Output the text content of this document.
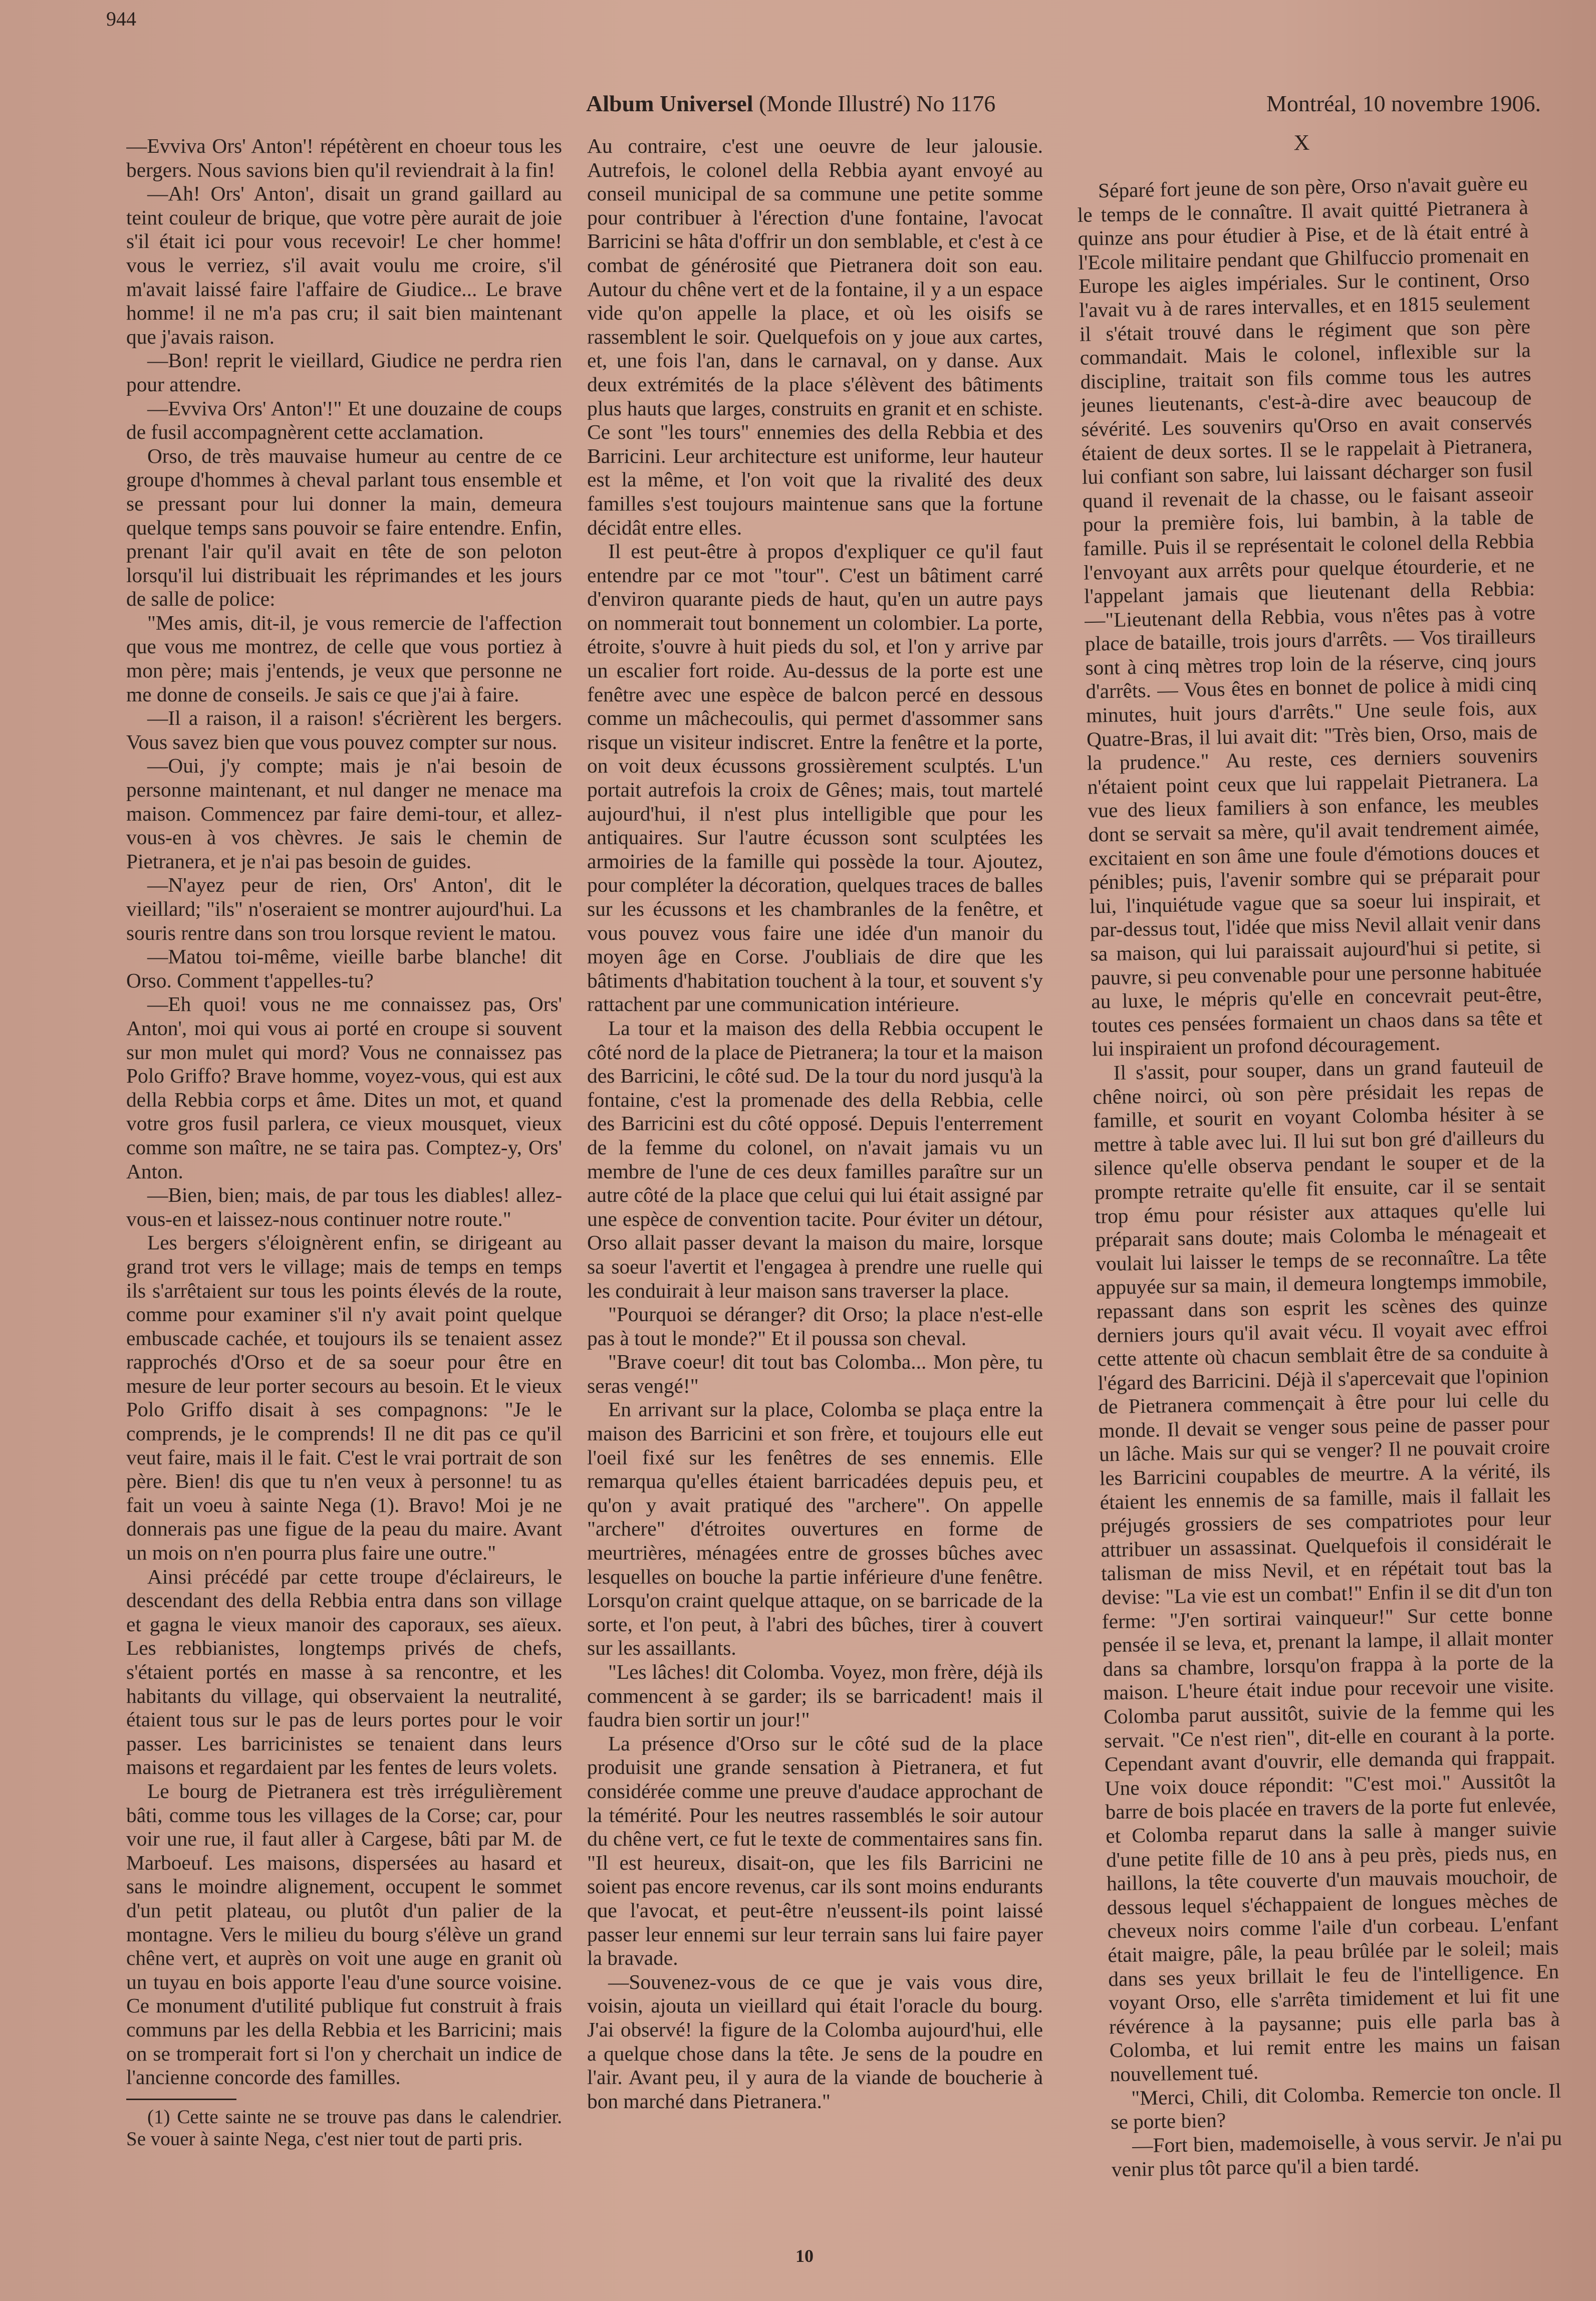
944
Album Universel (Monde Illustré) No 1176	Montréal, 10 novembre 1906.

—Evviva Ors' Anton'! répétèrent en choeur tous les bergers. Nous savions bien qu'il reviendrait à la fin!

—Ah! Ors' Anton', disait un grand gaillard au teint couleur de brique, que votre père aurait de joie s'il était ici pour vous recevoir! Le cher homme! vous le verriez, s'il avait voulu me croire, s'il m'avait laissé faire l'affaire de Giudice... Le brave homme! il ne m'a pas cru; il sait bien maintenant que j'avais raison.

—Bon! reprit le vieillard, Giudice ne perdra rien pour attendre.

—Evviva Ors' Anton'!" Et une douzaine de coups de fusil accompagnèrent cette acclamation.

Orso, de très mauvaise humeur au centre de ce groupe d'hommes à cheval parlant tous ensemble et se pressant pour lui donner la main, demeura quelque temps sans pouvoir se faire entendre. Enfin, prenant l'air qu'il avait en tête de son peloton lorsqu'il lui distribuait les réprimandes et les jours de salle de police:

"Mes amis, dit-il, je vous remercie de l'affection que vous me montrez, de celle que vous portiez à mon père; mais j'entends, je veux que personne ne me donne de conseils. Je sais ce que j'ai à faire.

—Il a raison, il a raison! s'écrièrent les bergers. Vous savez bien que vous pouvez compter sur nous.

—Oui, j'y compte; mais je n'ai besoin de personne maintenant, et nul danger ne menace ma maison. Commencez par faire demi-tour, et allez-vous-en à vos chèvres. Je sais le chemin de Pietranera, et je n'ai pas besoin de guides.

—N'ayez peur de rien, Ors' Anton', dit le vieillard; "ils" n'oseraient se montrer aujourd'hui. La souris rentre dans son trou lorsque revient le matou.

—Matou toi-même, vieille barbe blanche! dit Orso. Comment t'appelles-tu?

—Eh quoi! vous ne me connaissez pas, Ors' Anton', moi qui vous ai porté en croupe si souvent sur mon mulet qui mord? Vous ne connaissez pas Polo Griffo? Brave homme, voyez-vous, qui est aux della Rebbia corps et âme. Dites un mot, et quand votre gros fusil parlera, ce vieux mousquet, vieux comme son maître, ne se taira pas. Comptez-y, Ors' Anton.

—Bien, bien; mais, de par tous les diables! allez-vous-en et laissez-nous continuer notre route."

Les bergers s'éloignèrent enfin, se dirigeant au grand trot vers le village; mais de temps en temps ils s'arrêtaient sur tous les points élevés de la route, comme pour examiner s'il n'y avait point quelque embuscade cachée, et toujours ils se tenaient assez rapprochés d'Orso et de sa soeur pour être en mesure de leur porter secours au besoin. Et le vieux Polo Griffo disait à ses compagnons: "Je le comprends, je le comprends! Il ne dit pas ce qu'il veut faire, mais il le fait. C'est le vrai portrait de son père. Bien! dis que tu n'en veux à personne! tu as fait un voeu à sainte Nega (1). Bravo! Moi je ne donnerais pas une figue de la peau du maire. Avant un mois on n'en pourra plus faire une outre."

Ainsi précédé par cette troupe d'éclaireurs, le descendant des della Rebbia entra dans son village et gagna le vieux manoir des caporaux, ses aïeux. Les rebbianistes, longtemps privés de chefs, s'étaient portés en masse à sa rencontre, et les habitants du village, qui observaient la neutralité, étaient tous sur le pas de leurs portes pour le voir passer. Les barricinistes se tenaient dans leurs maisons et regardaient par les fentes de leurs volets.

Le bourg de Pietranera est très irrégulièrement bâti, comme tous les villages de la Corse; car, pour voir une rue, il faut aller à Cargese, bâti par M. de Marboeuf. Les maisons, dispersées au hasard et sans le moindre alignement, occupent le sommet d'un petit plateau, ou plutôt d'un palier de la montagne. Vers le milieu du bourg s'élève un grand chêne vert, et auprès on voit une auge en granit où un tuyau en bois apporte l'eau d'une source voisine. Ce monument d'utilité publique fut construit à frais communs par les della Rebbia et les Barricini; mais on se tromperait fort si l'on y cherchait un indice de l'ancienne concorde des familles.

(1) Cette sainte ne se trouve pas dans le calendrier. Se vouer à sainte Nega, c'est nier tout de parti pris.

Au contraire, c'est une oeuvre de leur jalousie. Autrefois, le colonel della Rebbia ayant envoyé au conseil municipal de sa commune une petite somme pour contribuer à l'érection d'une fontaine, l'avocat Barricini se hâta d'offrir un don semblable, et c'est à ce combat de générosité que Pietranera doit son eau. Autour du chêne vert et de la fontaine, il y a un espace vide qu'on appelle la place, et où les oisifs se rassemblent le soir. Quelquefois on y joue aux cartes, et, une fois l'an, dans le carnaval, on y danse. Aux deux extrémités de la place s'élèvent des bâtiments plus hauts que larges, construits en granit et en schiste. Ce sont "les tours" ennemies des della Rebbia et des Barricini. Leur architecture est uniforme, leur hauteur est la même, et l'on voit que la rivalité des deux familles s'est toujours maintenue sans que la fortune décidât entre elles.

Il est peut-être à propos d'expliquer ce qu'il faut entendre par ce mot "tour". C'est un bâtiment carré d'environ quarante pieds de haut, qu'en un autre pays on nommerait tout bonnement un colombier. La porte, étroite, s'ouvre à huit pieds du sol, et l'on y arrive par un escalier fort roide. Au-dessus de la porte est une fenêtre avec une espèce de balcon percé en dessous comme un mâchecoulis, qui permet d'assommer sans risque un visiteur indiscret. Entre la fenêtre et la porte, on voit deux écussons grossièrement sculptés. L'un portait autrefois la croix de Gênes; mais, tout martelé aujourd'hui, il n'est plus intelligible que pour les antiquaires. Sur l'autre écusson sont sculptées les armoiries de la famille qui possède la tour. Ajoutez, pour compléter la décoration, quelques traces de balles sur les écussons et les chambranles de la fenêtre, et vous pouvez vous faire une idée d'un manoir du moyen âge en Corse. J'oubliais de dire que les bâtiments d'habitation touchent à la tour, et souvent s'y rattachent par une communication intérieure.

La tour et la maison des della Rebbia occupent le côté nord de la place de Pietranera; la tour et la maison des Barricini, le côté sud. De la tour du nord jusqu'à la fontaine, c'est la promenade des della Rebbia, celle des Barricini est du côté opposé. Depuis l'enterrement de la femme du colonel, on n'avait jamais vu un membre de l'une de ces deux familles paraître sur un autre côté de la place que celui qui lui était assigné par une espèce de convention tacite. Pour éviter un détour, Orso allait passer devant la maison du maire, lorsque sa soeur l'avertit et l'engagea à prendre une ruelle qui les conduirait à leur maison sans traverser la place.

"Pourquoi se déranger? dit Orso; la place n'est-elle pas à tout le monde?" Et il poussa son cheval.

"Brave coeur! dit tout bas Colomba... Mon père, tu seras vengé!"

En arrivant sur la place, Colomba se plaça entre la maison des Barricini et son frère, et toujours elle eut l'oeil fixé sur les fenêtres de ses ennemis. Elle remarqua qu'elles étaient barricadées depuis peu, et qu'on y avait pratiqué des "archere". On appelle "archere" d'étroites ouvertures en forme de meurtrières, ménagées entre de grosses bûches avec lesquelles on bouche la partie inférieure d'une fenêtre. Lorsqu'on craint quelque attaque, on se barricade de la sorte, et l'on peut, à l'abri des bûches, tirer à couvert sur les assaillants.

"Les lâches! dit Colomba. Voyez, mon frère, déjà ils commencent à se garder; ils se barricadent! mais il faudra bien sortir un jour!"

La présence d'Orso sur le côté sud de la place produisit une grande sensation à Pietranera, et fut considérée comme une preuve d'audace approchant de la témérité. Pour les neutres rassemblés le soir autour du chêne vert, ce fut le texte de commentaires sans fin. "Il est heureux, disait-on, que les fils Barricini ne soient pas encore revenus, car ils sont moins endurants que l'avocat, et peut-être n'eussent-ils point laissé passer leur ennemi sur leur terrain sans lui faire payer la bravade.

—Souvenez-vous de ce que je vais vous dire, voisin, ajouta un vieillard qui était l'oracle du bourg. J'ai observé! la figure de la Colomba aujourd'hui, elle a quelque chose dans la tête. Je sens de la poudre en l'air. Avant peu, il y aura de la viande de boucherie à bon marché dans Pietranera."

X

Séparé fort jeune de son père, Orso n'avait guère eu le temps de le connaître. Il avait quitté Pietranera à quinze ans pour étudier à Pise, et de là était entré à l'Ecole militaire pendant que Ghilfuccio promenait en Europe les aigles impériales. Sur le continent, Orso l'avait vu à de rares intervalles, et en 1815 seulement il s'était trouvé dans le régiment que son père commandait. Mais le colonel, inflexible sur la discipline, traitait son fils comme tous les autres jeunes lieutenants, c'est-à-dire avec beaucoup de sévérité. Les souvenirs qu'Orso en avait conservés étaient de deux sortes. Il se le rappelait à Pietranera, lui confiant son sabre, lui laissant décharger son fusil quand il revenait de la chasse, ou le faisant asseoir pour la première fois, lui bambin, à la table de famille. Puis il se représentait le colonel della Rebbia l'envoyant aux arrêts pour quelque étourderie, et ne l'appelant jamais que lieutenant della Rebbia: —"Lieutenant della Rebbia, vous n'êtes pas à votre place de bataille, trois jours d'arrêts. — Vos tirailleurs sont à cinq mètres trop loin de la réserve, cinq jours d'arrêts. — Vous êtes en bonnet de police à midi cinq minutes, huit jours d'arrêts." Une seule fois, aux Quatre-Bras, il lui avait dit: "Très bien, Orso, mais de la prudence." Au reste, ces derniers souvenirs n'étaient point ceux que lui rappelait Pietranera. La vue des lieux familiers à son enfance, les meubles dont se servait sa mère, qu'il avait tendrement aimée, excitaient en son âme une foule d'émotions douces et pénibles; puis, l'avenir sombre qui se préparait pour lui, l'inquiétude vague que sa soeur lui inspirait, et par-dessus tout, l'idée que miss Nevil allait venir dans sa maison, qui lui paraissait aujourd'hui si petite, si pauvre, si peu convenable pour une personne habituée au luxe, le mépris qu'elle en concevrait peut-être, toutes ces pensées formaient un chaos dans sa tête et lui inspiraient un profond découragement.

Il s'assit, pour souper, dans un grand fauteuil de chêne noirci, où son père présidait les repas de famille, et sourit en voyant Colomba hésiter à se mettre à table avec lui. Il lui sut bon gré d'ailleurs du silence qu'elle observa pendant le souper et de la prompte retraite qu'elle fit ensuite, car il se sentait trop ému pour résister aux attaques qu'elle lui préparait sans doute; mais Colomba le ménageait et voulait lui laisser le temps de se reconnaître. La tête appuyée sur sa main, il demeura longtemps immobile, repassant dans son esprit les scènes des quinze derniers jours qu'il avait vécu. Il voyait avec effroi cette attente où chacun semblait être de sa conduite à l'égard des Barricini. Déjà il s'apercevait que l'opinion de Pietranera commençait à être pour lui celle du monde. Il devait se venger sous peine de passer pour un lâche. Mais sur qui se venger? Il ne pouvait croire les Barricini coupables de meurtre. A la vérité, ils étaient les ennemis de sa famille, mais il fallait les préjugés grossiers de ses compatriotes pour leur attribuer un assassinat. Quelquefois il considérait le talisman de miss Nevil, et en répétait tout bas la devise: "La vie est un combat!" Enfin il se dit d'un ton ferme: "J'en sortirai vainqueur!" Sur cette bonne pensée il se leva, et, prenant la lampe, il allait monter dans sa chambre, lorsqu'on frappa à la porte de la maison. L'heure était indue pour recevoir une visite. Colomba parut aussitôt, suivie de la femme qui les servait. "Ce n'est rien", dit-elle en courant à la porte. Cependant avant d'ouvrir, elle demanda qui frappait. Une voix douce répondit: "C'est moi." Aussitôt la barre de bois placée en travers de la porte fut enlevée, et Colomba reparut dans la salle à manger suivie d'une petite fille de 10 ans à peu près, pieds nus, en haillons, la tête couverte d'un mauvais mouchoir, de dessous lequel s'échappaient de longues mèches de cheveux noirs comme l'aile d'un corbeau. L'enfant était maigre, pâle, la peau brûlée par le soleil; mais dans ses yeux brillait le feu de l'intelligence. En voyant Orso, elle s'arrêta timidement et lui fit une révérence à la paysanne; puis elle parla bas à Colomba, et lui remit entre les mains un faisan nouvellement tué.

"Merci, Chili, dit Colomba. Remercie ton oncle. Il se porte bien?

—Fort bien, mademoiselle, à vous servir. Je n'ai pu venir plus tôt parce qu'il a bien tardé.

10
